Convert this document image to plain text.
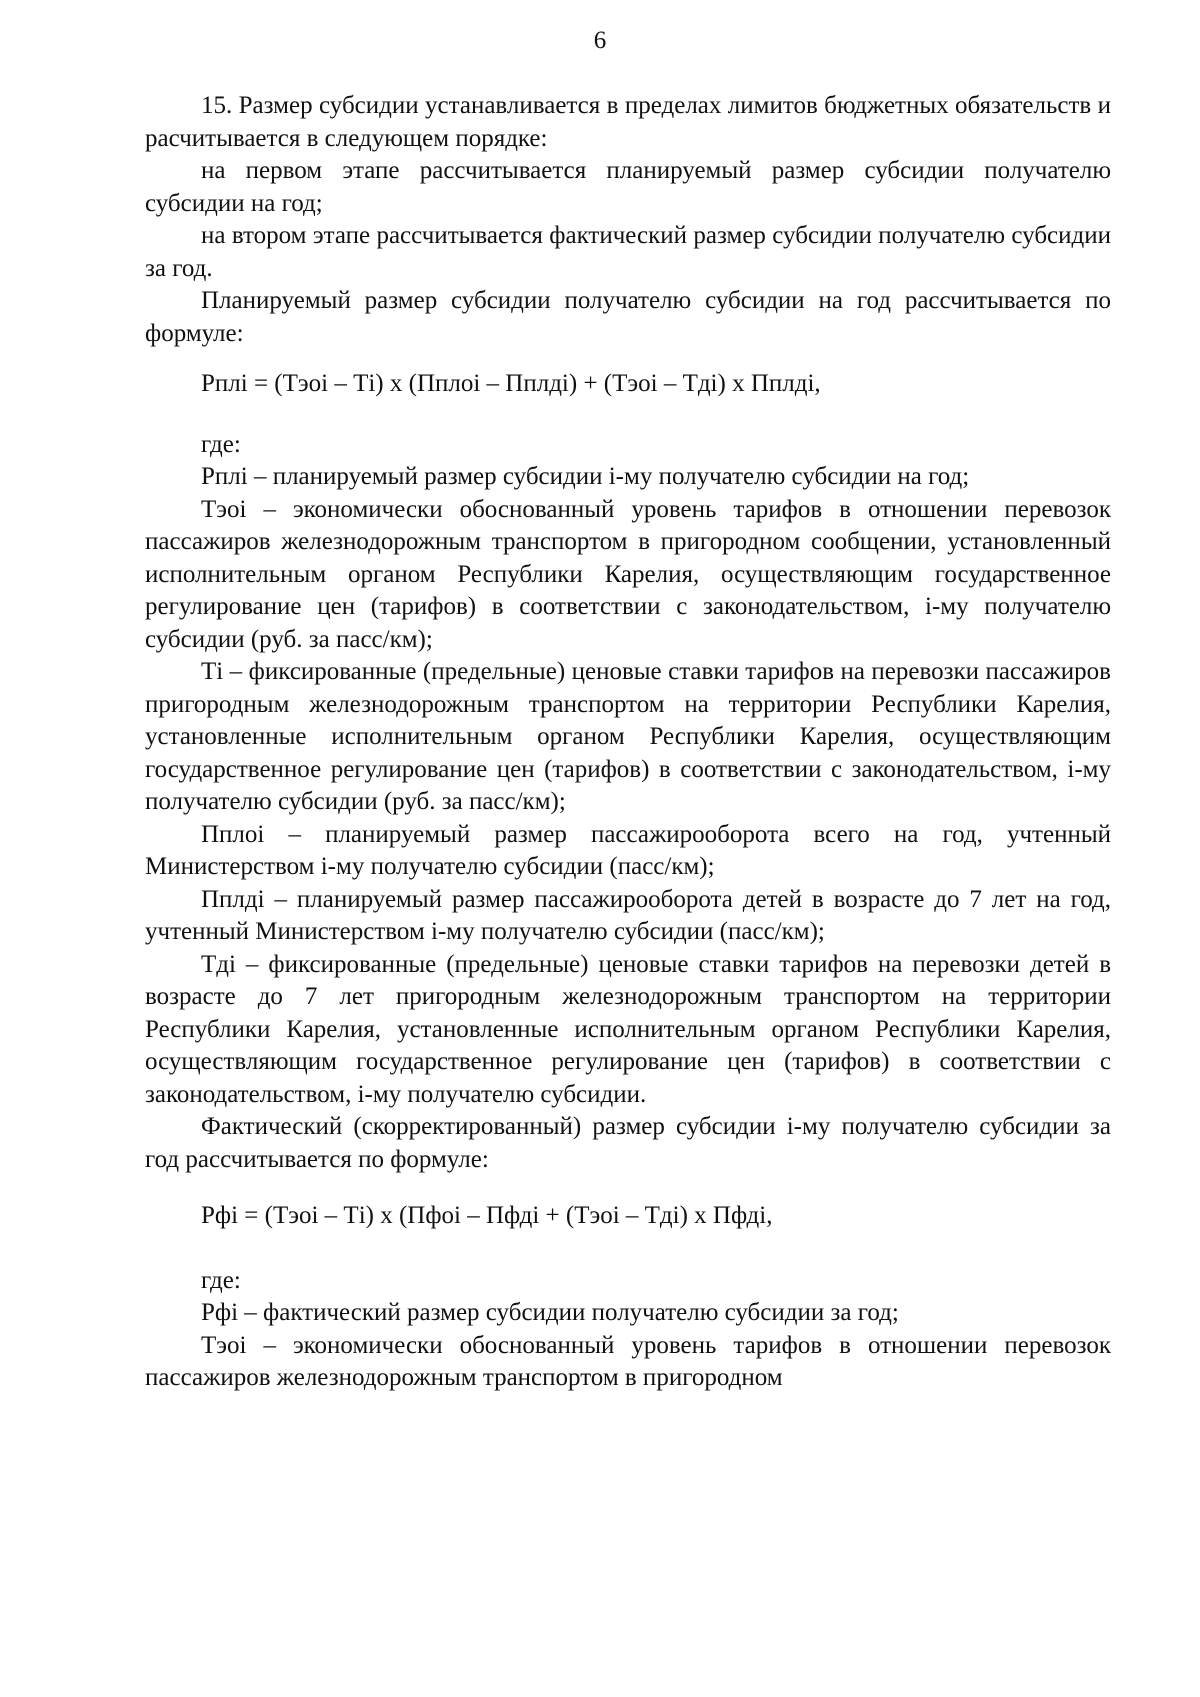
6

15. Размер субсидии устанавливается в пределах лимитов бюджетных обязательств и расчитывается в следующем порядке:

на первом этапе рассчитывается планируемый размер субсидии получателю субсидии на год;

на втором этапе рассчитывается фактический размер субсидии получателю субсидии за год.

Планируемый размер субсидии получателю субсидии на год рассчитывается по формуле:

Рплі = (Тэоі – Ті) х (Пплоі – Пплді) + (Тэоі – Тді) х Пплді,

где:

Рплі – планируемый размер субсидии і-му получателю субсидии на год;

Тэоі – экономически обоснованный уровень тарифов в отношении перевозок пассажиров железнодорожным транспортом в пригородном сообщении, установленный исполнительным органом Республики Карелия, осуществляющим государственное регулирование цен (тарифов) в соответствии с законодательством, і-му получателю субсидии (руб. за пасс/км);

Ті – фиксированные (предельные) ценовые ставки тарифов на перевозки пассажиров пригородным железнодорожным транспортом на территории Республики Карелия, установленные исполнительным органом Республики Карелия, осуществляющим государственное регулирование цен (тарифов) в соответствии с законодательством, і-му получателю субсидии (руб. за пасс/км);

Пплоі – планируемый размер пассажирооборота всего на год, учтенный Министерством і-му получателю субсидии (пасс/км);

Пплді – планируемый размер пассажирооборота детей в возрасте до 7 лет на год, учтенный Министерством і-му получателю субсидии (пасс/км);

Тді – фиксированные (предельные) ценовые ставки тарифов на перевозки детей в возрасте до 7 лет пригородным железнодорожным транспортом на территории Республики Карелия, установленные исполнительным органом Республики Карелия, осуществляющим государственное регулирование цен (тарифов) в соответствии с законодательством, і-му получателю субсидии.

Фактический (скорректированный) размер субсидии і-му получателю субсидии за год рассчитывается по формуле:

Рфі = (Тэоі – Ті) х (Пфоі – Пфді + (Тэоі – Тді) х Пфді,

где:

Рфі – фактический размер субсидии получателю субсидии за год;

Тэоі – экономически обоснованный уровень тарифов в отношении перевозок пассажиров железнодорожным транспортом в пригородном
